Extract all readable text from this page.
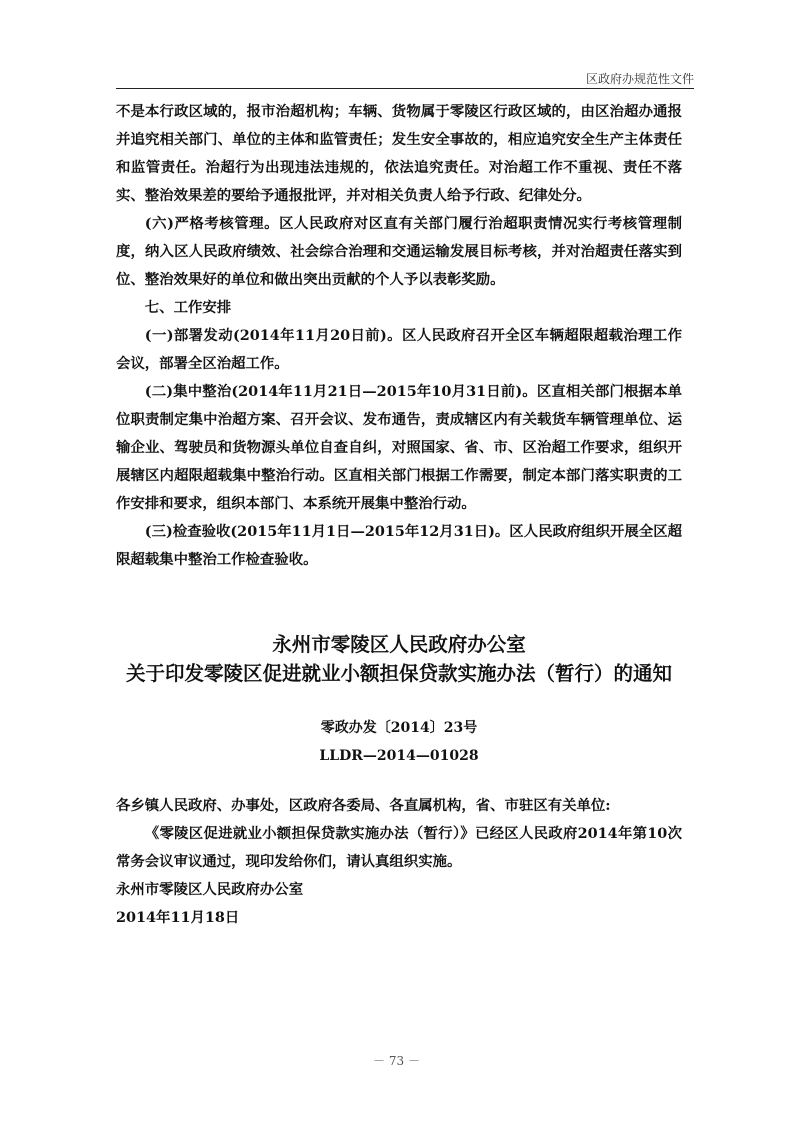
区政府办规范性文件

不是本行政区域的，报市治超机构；车辆、货物属于零陵区行政区域的，由区治超办通报并追究相关部门、单位的主体和监管责任；发生安全事故的，相应追究安全生产主体责任和监管责任。治超行为出现违法违规的，依法追究责任。对治超工作不重视、责任不落实、整治效果差的要给予通报批评，并对相关负责人给予行政、纪律处分。

(六)严格考核管理。区人民政府对区直有关部门履行治超职责情况实行考核管理制度，纳入区人民政府绩效、社会综合治理和交通运输发展目标考核，并对治超责任落实到位、整治效果好的单位和做出突出贡献的个人予以表彰奖励。

七、工作安排

(一)部署发动(2014年11月20日前)。区人民政府召开全区车辆超限超载治理工作会议，部署全区治超工作。

(二)集中整治(2014年11月21日—2015年10月31日前)。区直相关部门根据本单位职责制定集中治超方案、召开会议、发布通告，责成辖区内有关载货车辆管理单位、运输企业、驾驶员和货物源头单位自查自纠，对照国家、省、市、区治超工作要求，组织开展辖区内超限超载集中整治行动。区直相关部门根据工作需要，制定本部门落实职责的工作安排和要求，组织本部门、本系统开展集中整治行动。

(三)检查验收(2015年11月1日—2015年12月31日)。区人民政府组织开展全区超限超载集中整治工作检查验收。

永州市零陵区人民政府办公室

关于印发零陵区促进就业小额担保贷款实施办法（暂行）的通知

零政办发〔2014〕23号

LLDR—2014—01028

各乡镇人民政府、办事处，区政府各委局、各直属机构，省、市驻区有关单位:

《零陵区促进就业小额担保贷款实施办法（暂行）》已经区人民政府2014年第10次常务会议审议通过，现印发给你们，请认真组织实施。

永州市零陵区人民政府办公室

2014年11月18日

－ 73 －
